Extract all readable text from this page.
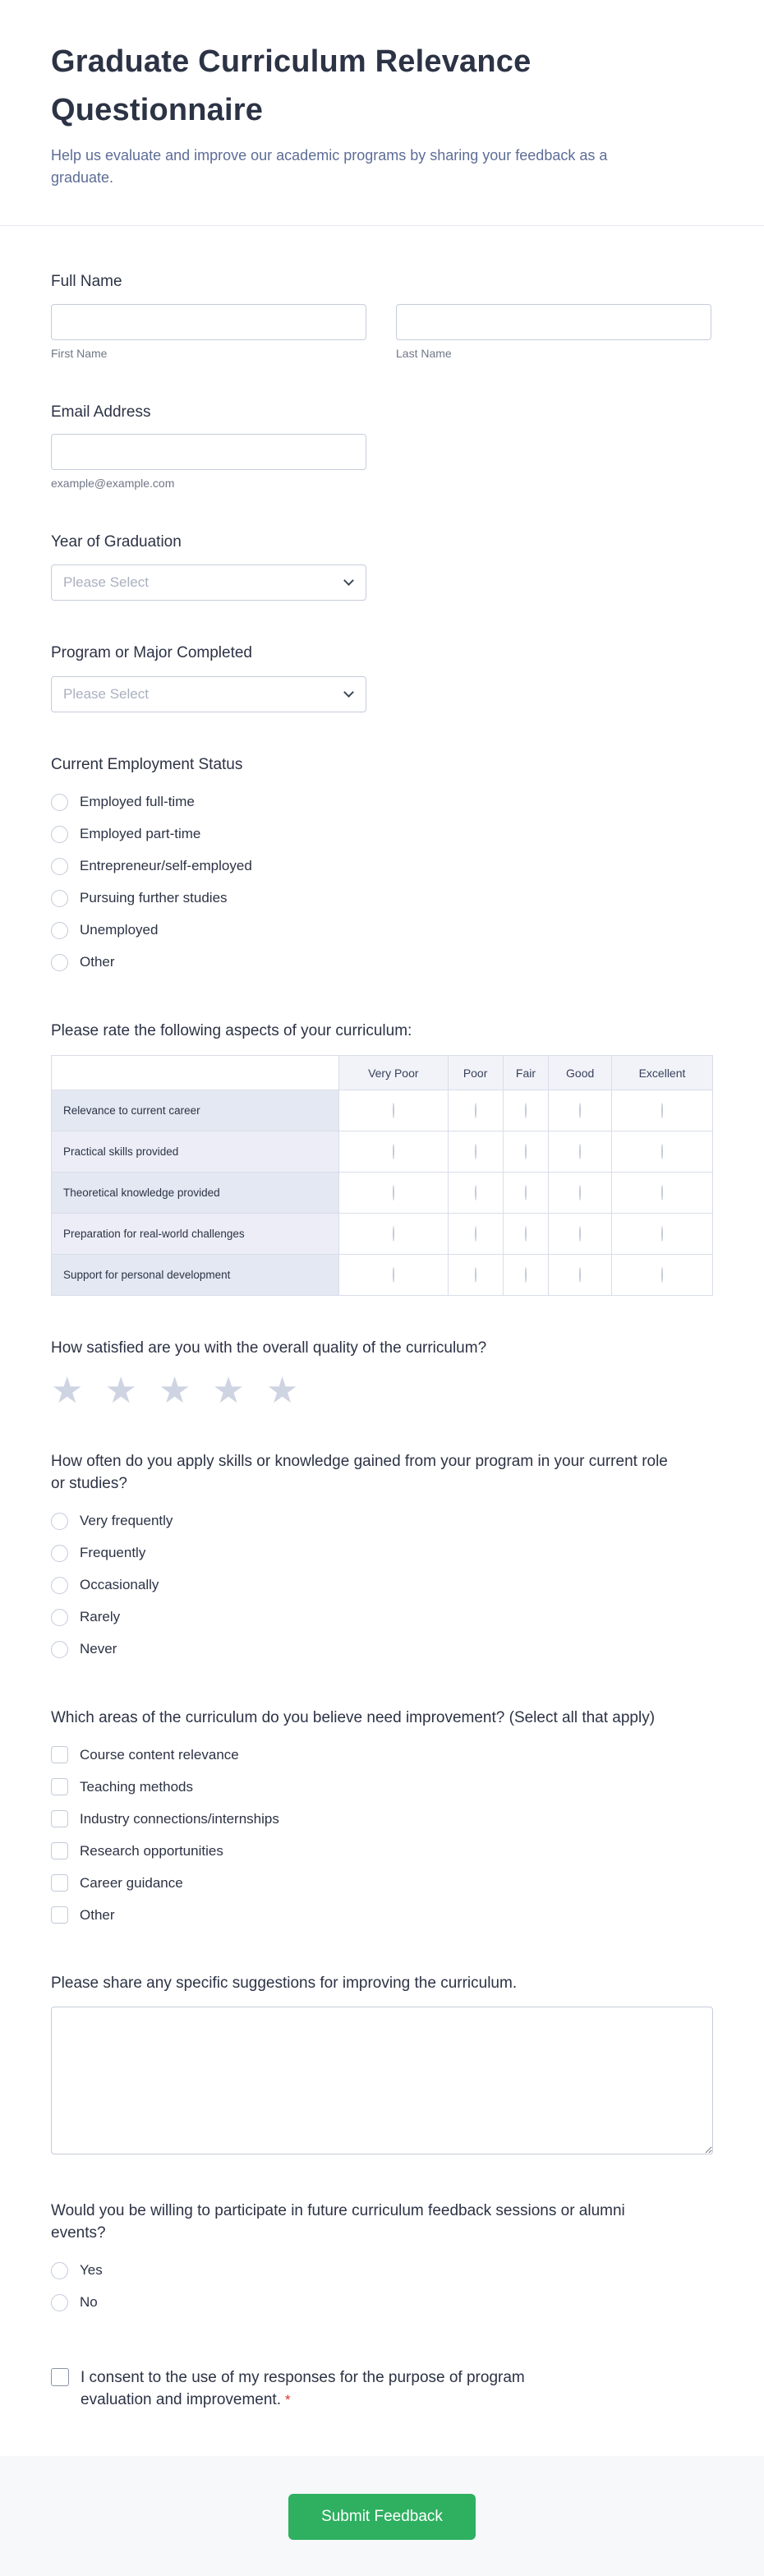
Graduate Curriculum Relevance Questionnaire
Help us evaluate and improve our academic programs by sharing your feedback as a graduate.
Full Name
First Name	Last Name
Email Address
example@example.com
Year of Graduation
Please Select
Program or Major Completed
Please Select
Current Employment Status
Employed full-time
Employed part-time
Entrepreneur/self-employed
Pursuing further studies
Unemployed
Other
Please rate the following aspects of your curriculum:
	Very Poor	Poor	Fair	Good	Excellent
Relevance to current career					
Practical skills provided					
Theoretical knowledge provided					
Preparation for real-world challenges					
Support for personal development					
How satisfied are you with the overall quality of the curriculum?
★
★
★
★
★
How often do you apply skills or knowledge gained from your program in your current role or studies?
Very frequently
Frequently
Occasionally
Rarely
Never
Which areas of the curriculum do you believe need improvement? (Select all that apply)
Course content relevance
Teaching methods
Industry connections/internships
Research opportunities
Career guidance
Other
Please share any specific suggestions for improving the curriculum.
Would you be willing to participate in future curriculum feedback sessions or alumni events?
Yes
No
I consent to the use of my responses for the purpose of program evaluation and improvement. *
Submit Feedback
